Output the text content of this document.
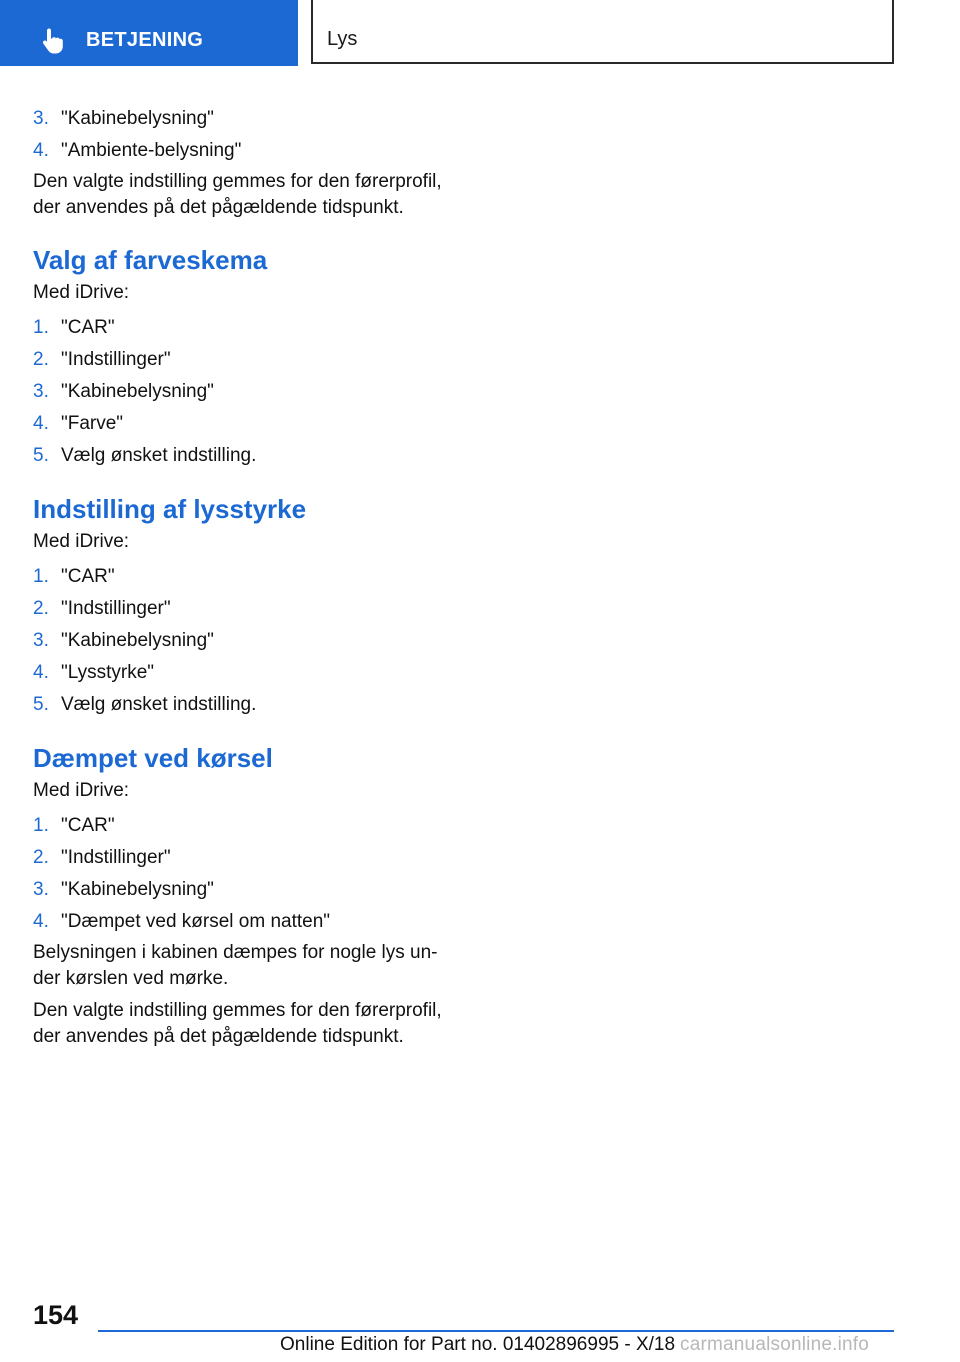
BETJENING	Lys
3. "Kabinebelysning"
4. "Ambiente-belysning"

Den valgte indstilling gemmes for den førerprofil, der anvendes på det pågældende tidspunkt.

Valg af farveskema

Med iDrive:

1. "CAR"
2. "Indstillinger"
3. "Kabinebelysning"
4. "Farve"
5. Vælg ønsket indstilling.
Indstilling af lysstyrke

Med iDrive:

1. "CAR"
2. "Indstillinger"
3. "Kabinebelysning"
4. "Lysstyrke"
5. Vælg ønsket indstilling.
Dæmpet ved kørsel

Med iDrive:

1. "CAR"
2. "Indstillinger"
3. "Kabinebelysning"
4. "Dæmpet ved kørsel om natten"

Belysningen i kabinen dæmpes for nogle lys un-der kørslen ved mørke.

Den valgte indstilling gemmes for den førerprofil, der anvendes på det pågældende tidspunkt.

154
Online Edition for Part no. 01402896995 - X/18 carmanualsonline.info
